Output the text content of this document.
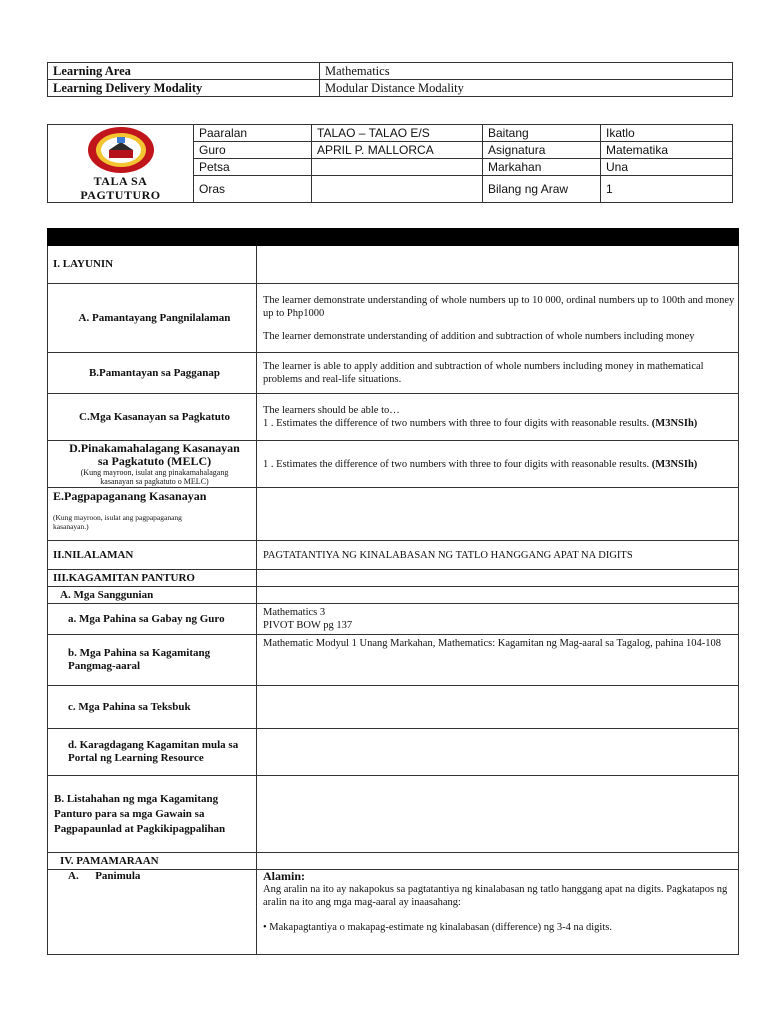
Learning Area	Mathematics
Learning Delivery Modality	Modular Distance Modality
TALA SA
PAGTUTURO	Paaralan	TALAO – TALAO E/S	Baitang	Ikatlo
	Guro	APRIL P. MALLORCA	Asignatura	Matematika
	Petsa		Markahan	Una
	Oras		Bilang ng Araw	1

I. LAYUNIN	
A. Pamantayang Pangnilalaman	The learner demonstrate understanding of whole numbers up to 10 000, ordinal numbers up to 100th and money up to Php1000
The learner demonstrate understanding of addition and subtraction of whole numbers including money

B.Pamantayan sa Pagganap	The learner is able to apply addition and subtraction of whole numbers including money in mathematical problems and real-life situations.
C.Mga Kasanayan sa Pagkatuto	The learners should be able to…
1 . Estimates the difference of two numbers with three to four digits with reasonable results. (M3NSIh)

D.Pinakamahalagang Kasanayan
sa Pagkatuto (MELC)
(Kung mayroon, isulat ang pinakamahalagang
kasanayan sa pagkatuto o MELC)	1 . Estimates the difference of two numbers with three to four digits with reasonable results. (M3NSIh)

E.Pagpapaganang Kasanayan
(Kung mayroon, isulat ang pagpapaganang
kasanayan.)	

II.NILALAMAN	PAGTATANTIYA NG KINALABASAN NG TATLO HANGGANG APAT NA DIGITS
III.KAGAMITAN PANTURO	
A. Mga Sanggunian	
a. Mga Pahina sa Gabay ng Guro	Mathematics 3
PIVOT BOW pg 137

b. Mga Pahina sa Kagamitang Pangmag-aaral	Mathematic Modyul 1 Unang Markahan, Mathematics: Kagamitan ng Mag-aaral sa Tagalog, pahina 104-108
c. Mga Pahina sa Teksbuk	
d. Karagdagang Kagamitan mula sa Portal ng Learning Resource	
B. Listahahan ng mga Kagamitang Panturo para sa mga Gawain sa Pagpapaunlad at Pagkikipagpalihan	
IV. PAMAMARAAN	
A.      Panimula	Alamin:
Ang aralin na ito ay nakapokus sa pagtatantiya ng kinalabasan ng tatlo hanggang apat na digits. Pagkatapos ng aralin na ito ang mga mag-aaral ay inaasahang:
• Makapagtantiya o makapag-estimate ng kinalabasan (difference) ng 3-4 na digits.
